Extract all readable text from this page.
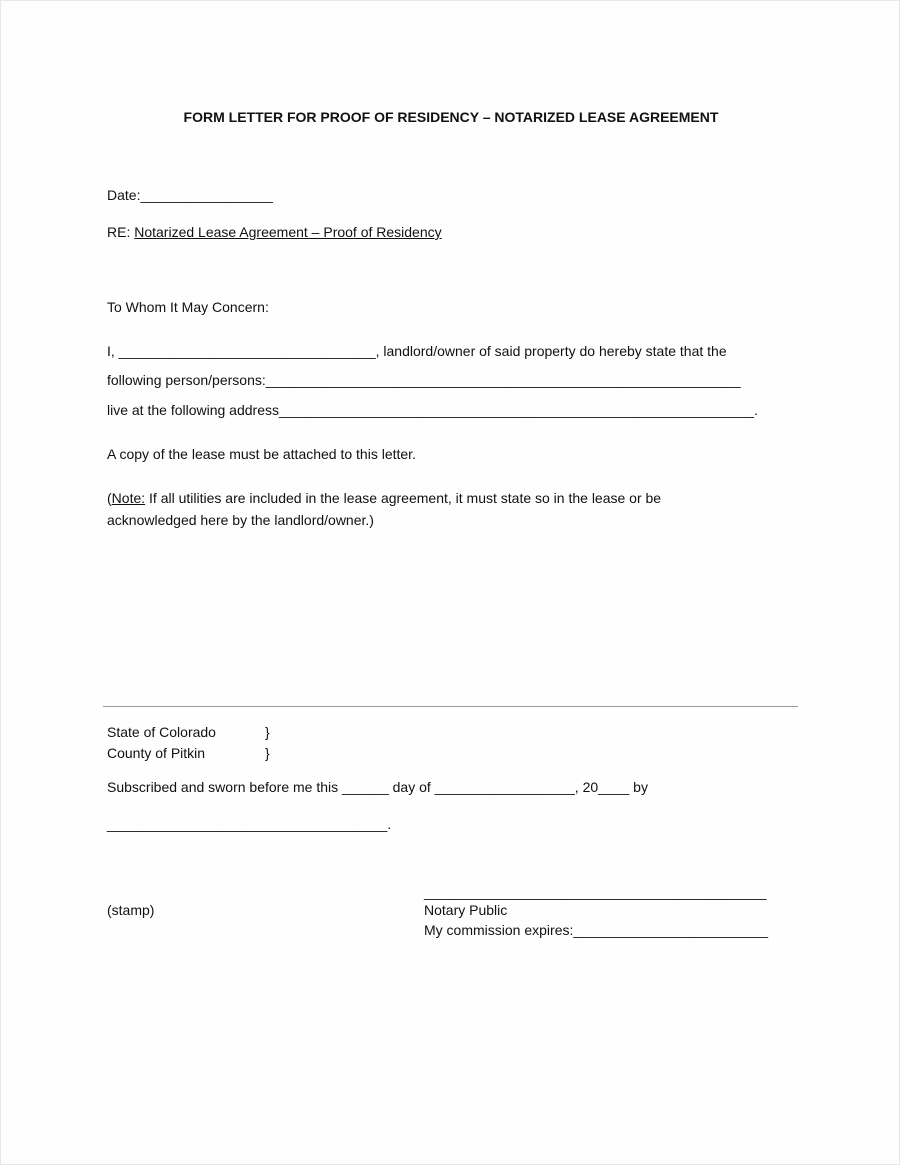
FORM LETTER FOR PROOF OF RESIDENCY – NOTARIZED LEASE AGREEMENT
Date:_________________
RE: Notarized Lease Agreement – Proof of Residency
To Whom It May Concern:
I, _________________________________, landlord/owner of said property do hereby state that the
following person/persons:_____________________________________________________________
live at the following address_____________________________________________________________.
A copy of the lease must be attached to this letter.
(Note: If all utilities are included in the lease agreement, it must state so in the lease or be
acknowledged here by the landlord/owner.)
State of Colorado	}
County of Pitkin	}
Subscribed and sworn before me this ______ day of __________________, 20____ by
____________________________________.
____________________________________________
(stamp)	Notary Public
My commission expires:_________________________
